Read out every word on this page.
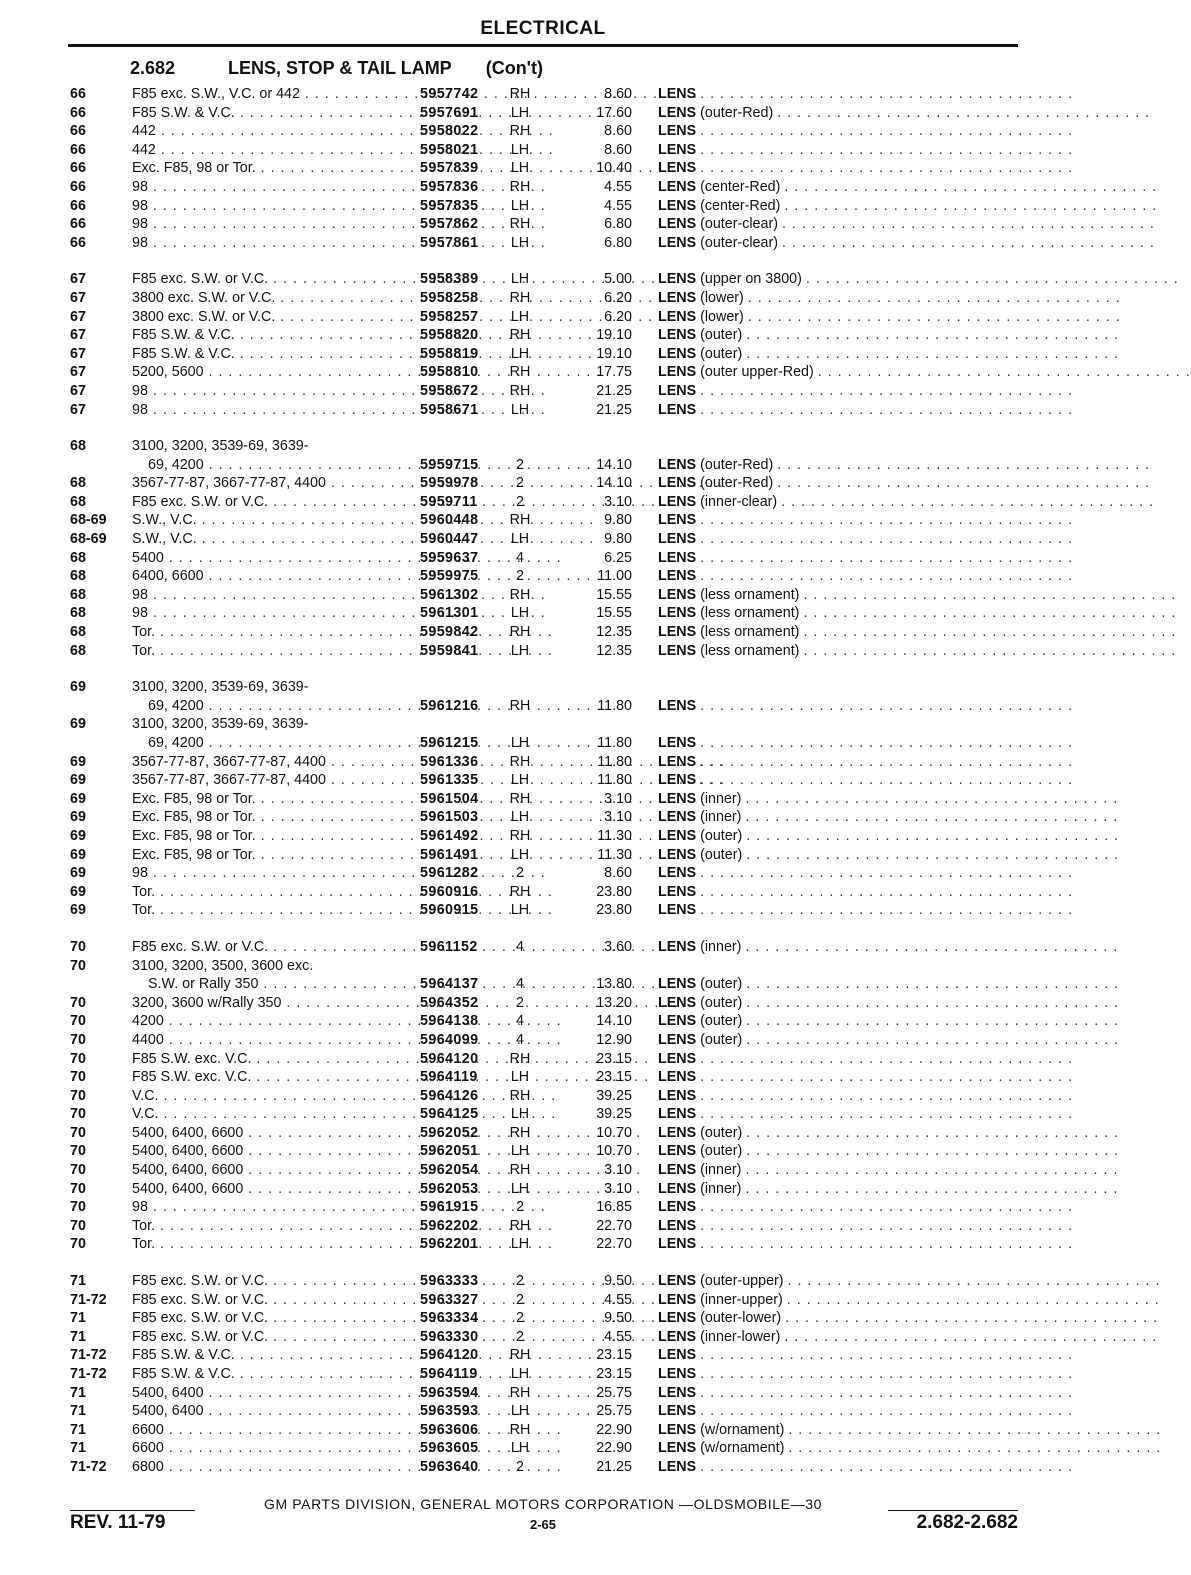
ELECTRICAL
2.682	LENS, STOP & TAIL LAMP (Con't)
66	F85 exc. S.W., V.C. or 442 . . .	5957742	RH	8.60 LENS . . . . . . . . . . . . . . . . . . . . . . . . . . . . . . . . . . . . . .
66	F85 S.W. & V.C. . . .	5957691	LH	17.60 LENS (outer-Red) . . . . . . . . . . . . . . . . . . . . . . . . . . . . . . . . . . . . . .
66	442 . . .	5958022	RH	8.60 LENS . . . . . . . . . . . . . . . . . . . . . . . . . . . . . . . . . . . . . .
66	442 . . .	5958021	LH	8.60 LENS . . . . . . . . . . . . . . . . . . . . . . . . . . . . . . . . . . . . . .
66	Exc. F85, 98 or Tor. . . .	5957839	LH	10.40 LENS . . . . . . . . . . . . . . . . . . . . . . . . . . . . . . . . . . . . . .
66	98 . . .	5957836	RH	4.55 LENS (center-Red) . . . . . . . . . . . . . . . . . . . . . . . . . . . . . . . . . . . . . .
66	98 . . .	5957835	LH	4.55 LENS (center-Red) . . . . . . . . . . . . . . . . . . . . . . . . . . . . . . . . . . . . . .
66	98 . . .	5957862	RH	6.80 LENS (outer-clear) . . . . . . . . . . . . . . . . . . . . . . . . . . . . . . . . . . . . . .
66	98 . . .	5957861	LH	6.80 LENS (outer-clear) . . . . . . . . . . . . . . . . . . . . . . . . . . . . . . . . . . . . . .
67	F85 exc. S.W. or V.C. . . .	5958389	LH	5.00 LENS (upper on 3800) . . . . . . . . . . . . . . . . . . . . . . . . . . . . . . . . . . . . . .
67	3800 exc. S.W. or V.C. . . .	5958258	RH	6.20 LENS (lower) . . . . . . . . . . . . . . . . . . . . . . . . . . . . . . . . . . . . . .
67	3800 exc. S.W. or V.C. . . .	5958257	LH	6.20 LENS (lower) . . . . . . . . . . . . . . . . . . . . . . . . . . . . . . . . . . . . . .
67	F85 S.W. & V.C. . . .	5958820	RH	19.10 LENS (outer) . . . . . . . . . . . . . . . . . . . . . . . . . . . . . . . . . . . . . .
67	F85 S.W. & V.C. . . .	5958819	LH	19.10 LENS (outer) . . . . . . . . . . . . . . . . . . . . . . . . . . . . . . . . . . . . . .
67	5200, 5600 . . .	5958810	RH	17.75 LENS (outer upper-Red) . . . . . . . . . . . . . . . . . . . . . . . . . . . . . . . . . . . . . .
67	98 . . .	5958672	RH	21.25 LENS . . . . . . . . . . . . . . . . . . . . . . . . . . . . . . . . . . . . . .
67	98 . . .	5958671	LH	21.25 LENS . . . . . . . . . . . . . . . . . . . . . . . . . . . . . . . . . . . . . .
68	3100, 3200, 3539-69, 3639-
69, 4200 . . .	5959715	2	14.10 LENS (outer-Red) . . . . . . . . . . . . . . . . . . . . . . . . . . . . . . . . . . . . . .
68	3567-77-87, 3667-77-87, 4400 . . .	5959978	2	14.10 LENS (outer-Red) . . . . . . . . . . . . . . . . . . . . . . . . . . . . . . . . . . . . . .
68	F85 exc. S.W. or V.C. . . .	5959711	2	3.10 LENS (inner-clear) . . . . . . . . . . . . . . . . . . . . . . . . . . . . . . . . . . . . . .
68-69 S.W., V.C. . . .	5960448	RH	9.80 LENS . . . . . . . . . . . . . . . . . . . . . . . . . . . . . . . . . . . . . .
68-69 S.W., V.C. . . .	5960447	LH	9.80 LENS . . . . . . . . . . . . . . . . . . . . . . . . . . . . . . . . . . . . . .
68	5400 . . .	5959637	4	6.25 LENS . . . . . . . . . . . . . . . . . . . . . . . . . . . . . . . . . . . . . .
68	6400, 6600 . . .	5959975	2	11.00 LENS . . . . . . . . . . . . . . . . . . . . . . . . . . . . . . . . . . . . . .
68	98 . . .	5961302	RH	15.55 LENS (less ornament) . . . . . . . . . . . . . . . . . . . . . . . . . . . . . . . . . . . . . .
68	98 . . .	5961301	LH	15.55 LENS (less ornament) . . . . . . . . . . . . . . . . . . . . . . . . . . . . . . . . . . . . . .
68	Tor. . . .	5959842	RH	12.35 LENS (less ornament) . . . . . . . . . . . . . . . . . . . . . . . . . . . . . . . . . . . . . .
68	Tor. . . .	5959841	LH	12.35 LENS (less ornament) . . . . . . . . . . . . . . . . . . . . . . . . . . . . . . . . . . . . . .
69	3100, 3200, 3539-69, 3639-
69, 4200 . . .	5961216	RH	11.80 LENS . . . . . . . . . . . . . . . . . . . . . . . . . . . . . . . . . . . . . .
69	3100, 3200, 3539-69, 3639-
69, 4200 . . .	5961215	LH	11.80 LENS . . . . . . . . . . . . . . . . . . . . . . . . . . . . . . . . . . . . . .
69	3567-77-87, 3667-77-87, 4400 . . .	5961336	RH	11.80 LENS . . . . . . . . . . . . . . . . . . . . . . . . . . . . . . . . . . . . . .
69	3567-77-87, 3667-77-87, 4400 . . .	5961335	LH	11.80 LENS . . . . . . . . . . . . . . . . . . . . . . . . . . . . . . . . . . . . . .
69	Exc. F85, 98 or Tor. . . .	5961504	RH	3.10 LENS (inner) . . . . . . . . . . . . . . . . . . . . . . . . . . . . . . . . . . . . . .
69	Exc. F85, 98 or Tor. . . .	5961503	LH	3.10 LENS (inner) . . . . . . . . . . . . . . . . . . . . . . . . . . . . . . . . . . . . . .
69	Exc. F85, 98 or Tor. . . .	5961492	RH	11.30 LENS (outer) . . . . . . . . . . . . . . . . . . . . . . . . . . . . . . . . . . . . . .
69	Exc. F85, 98 or Tor. . . .	5961491	LH	11.30 LENS (outer) . . . . . . . . . . . . . . . . . . . . . . . . . . . . . . . . . . . . . .
69	98 . . .	5961282	2	8.60 LENS . . . . . . . . . . . . . . . . . . . . . . . . . . . . . . . . . . . . . .
69	Tor. . . .	5960916	RH	23.80 LENS . . . . . . . . . . . . . . . . . . . . . . . . . . . . . . . . . . . . . .
69	Tor. . . .	5960915	LH	23.80 LENS . . . . . . . . . . . . . . . . . . . . . . . . . . . . . . . . . . . . . .
70	F85 exc. S.W. or V.C. . . .	5961152	4	3.60 LENS (inner) . . . . . . . . . . . . . . . . . . . . . . . . . . . . . . . . . . . . . .
70	3100, 3200, 3500, 3600 exc.
S.W. or Rally 350 . . .	5964137	4	13.80 LENS (outer) . . . . . . . . . . . . . . . . . . . . . . . . . . . . . . . . . . . . . .
70	3200, 3600 w/Rally 350 . . .	5964352	2	13.20 LENS (outer) . . . . . . . . . . . . . . . . . . . . . . . . . . . . . . . . . . . . . .
70	4200 . . .	5964138	4	14.10 LENS (outer) . . . . . . . . . . . . . . . . . . . . . . . . . . . . . . . . . . . . . .
70	4400 . . .	5964099	4	12.90 LENS (outer) . . . . . . . . . . . . . . . . . . . . . . . . . . . . . . . . . . . . . .
70	F85 S.W. exc. V.C. . . .	5964120	RH	23.15 LENS . . . . . . . . . . . . . . . . . . . . . . . . . . . . . . . . . . . . . .
70	F85 S.W. exc. V.C. . . .	5964119	LH	23.15 LENS . . . . . . . . . . . . . . . . . . . . . . . . . . . . . . . . . . . . . .
70	V.C. . . .	5964126	RH	39.25 LENS . . . . . . . . . . . . . . . . . . . . . . . . . . . . . . . . . . . . . .
70	V.C. . . .	5964125	LH	39.25 LENS . . . . . . . . . . . . . . . . . . . . . . . . . . . . . . . . . . . . . .
70	5400, 6400, 6600 . . .	5962052	RH	10.70 LENS (outer) . . . . . . . . . . . . . . . . . . . . . . . . . . . . . . . . . . . . . .
70	5400, 6400, 6600 . . .	5962051	LH	10.70 LENS (outer) . . . . . . . . . . . . . . . . . . . . . . . . . . . . . . . . . . . . . .
70	5400, 6400, 6600 . . .	5962054	RH	3.10 LENS (inner) . . . . . . . . . . . . . . . . . . . . . . . . . . . . . . . . . . . . . .
70	5400, 6400, 6600 . . .	5962053	LH	3.10 LENS (inner) . . . . . . . . . . . . . . . . . . . . . . . . . . . . . . . . . . . . . .
70	98 . . .	5961915	2	16.85 LENS . . . . . . . . . . . . . . . . . . . . . . . . . . . . . . . . . . . . . .
70	Tor. . . .	5962202	RH	22.70 LENS . . . . . . . . . . . . . . . . . . . . . . . . . . . . . . . . . . . . . .
70	Tor. . . .	5962201	LH	22.70 LENS . . . . . . . . . . . . . . . . . . . . . . . . . . . . . . . . . . . . . .
71	F85 exc. S.W. or V.C. . . .	5963333	2	9.50 LENS (outer-upper) . . . . . . . . . . . . . . . . . . . . . . . . . . . . . . . . . . . . . .
71-72 F85 exc. S.W. or V.C. . . .	5963327	2	4.55 LENS (inner-upper) . . . . . . . . . . . . . . . . . . . . . . . . . . . . . . . . . . . . . .
71	F85 exc. S.W. or V.C. . . .	5963334	2	9.50 LENS (outer-lower) . . . . . . . . . . . . . . . . . . . . . . . . . . . . . . . . . . . . . .
71	F85 exc. S.W. or V.C. . . .	5963330	2	4.55 LENS (inner-lower) . . . . . . . . . . . . . . . . . . . . . . . . . . . . . . . . . . . . . .
71-72 F85 S.W. & V.C. . . .	5964120	RH	23.15 LENS . . . . . . . . . . . . . . . . . . . . . . . . . . . . . . . . . . . . . .
71-72 F85 S.W. & V.C. . . .	5964119	LH	23.15 LENS . . . . . . . . . . . . . . . . . . . . . . . . . . . . . . . . . . . . . .
71	5400, 6400 . . .	5963594	RH	25.75 LENS . . . . . . . . . . . . . . . . . . . . . . . . . . . . . . . . . . . . . .
71	5400, 6400 . . .	5963593	LH	25.75 LENS . . . . . . . . . . . . . . . . . . . . . . . . . . . . . . . . . . . . . .
71	6600 . . .	5963606	RH	22.90 LENS (w/ornament) . . . . . . . . . . . . . . . . . . . . . . . . . . . . . . . . . . . . . .
71	6600 . . .	5963605	LH	22.90 LENS (w/ornament) . . . . . . . . . . . . . . . . . . . . . . . . . . . . . . . . . . . . . .
71-72 6800 . . .	5963640	2	21.25 LENS . . . . . . . . . . . . . . . . . . . . . . . . . . . . . . . . . . . . . .
GM PARTS DIVISION, GENERAL MOTORS CORPORATION —OLDSMOBILE—30
REV. 11-79	2-65	2.682-2.682
